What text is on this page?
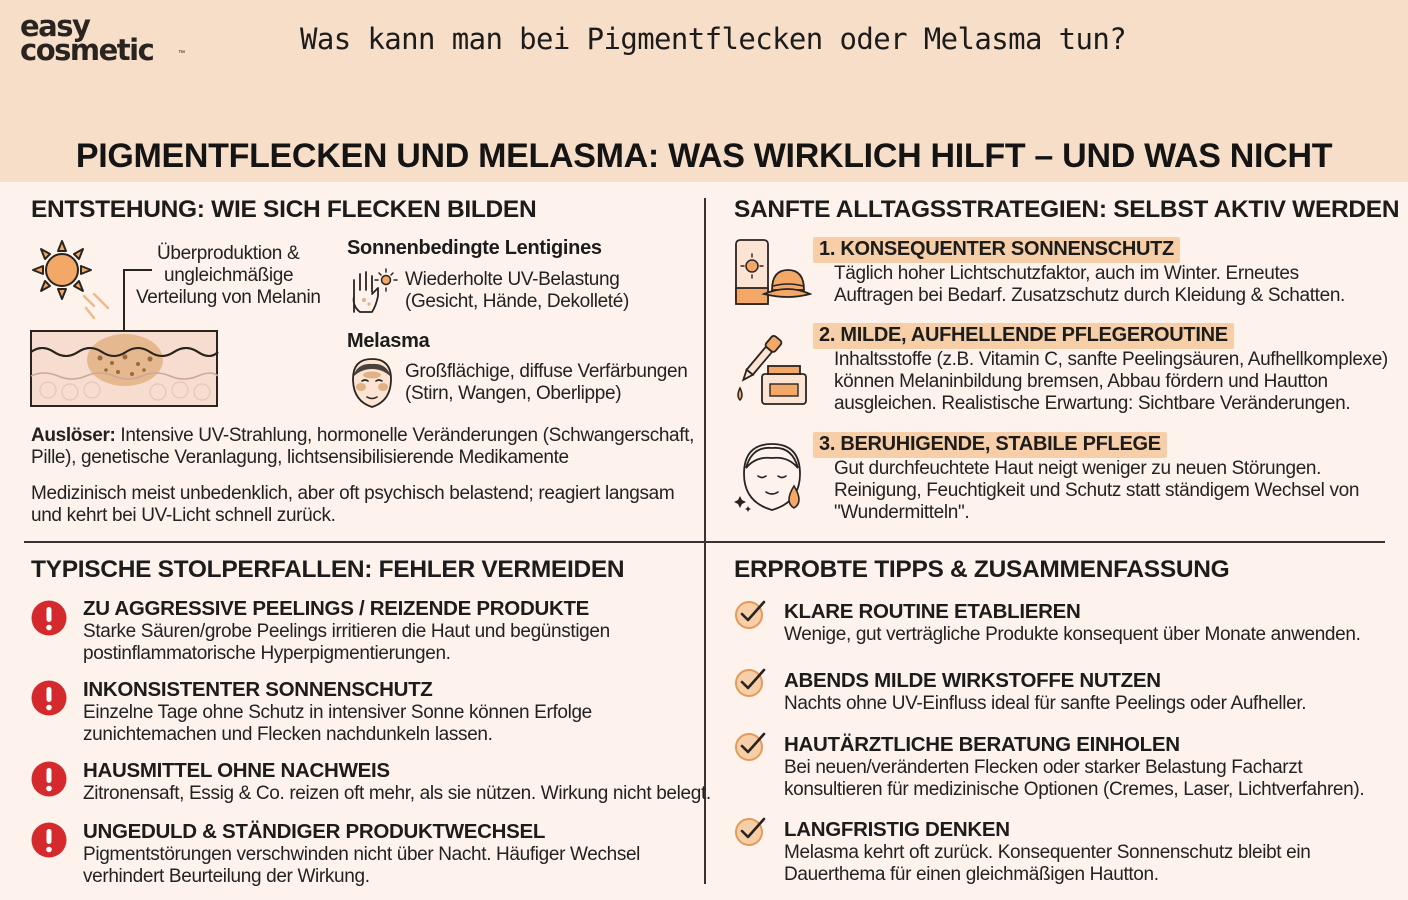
easy
cosmetic	™	Was kann man bei Pigmentflecken oder Melasma tun?
PIGMENTFLECKEN UND MELASMA: WAS WIRKLICH HILFT – UND WAS NICHT
ENTSTEHUNG: WIE SICH FLECKEN BILDEN
Überproduktion &
ungleichmäßige
Verteilung von Melanin
Sonnenbedingte Lentigines
Wiederholte UV-Belastung
(Gesicht, Hände, Dekolleté)
Melasma
Großflächige, diffuse Verfärbungen
(Stirn, Wangen, Oberlippe)
Auslöser: Intensive UV-Strahlung, hormonelle Veränderungen (Schwangerschaft,
Pille), genetische Veranlagung, lichtsensibilisierende Medikamente
Medizinisch meist unbedenklich, aber oft psychisch belastend; reagiert langsam
und kehrt bei UV-Licht schnell zurück.
SANFTE ALLTAGSSTRATEGIEN: SELBST AKTIV WERDEN
1. KONSEQUENTER SONNENSCHUTZ
Täglich hoher Lichtschutzfaktor, auch im Winter. Erneutes
Auftragen bei Bedarf. Zusatzschutz durch Kleidung & Schatten.
2. MILDE, AUFHELLENDE PFLEGEROUTINE
Inhaltsstoffe (z.B. Vitamin C, sanfte Peelingsäuren, Aufhellkomplexe)
können Melaninbildung bremsen, Abbau fördern und Hautton
ausgleichen. Realistische Erwartung: Sichtbare Veränderungen.
3. BERUHIGENDE, STABILE PFLEGE
Gut durchfeuchtete Haut neigt weniger zu neuen Störungen.
Reinigung, Feuchtigkeit und Schutz statt ständigem Wechsel von
"Wundermitteln".
TYPISCHE STOLPERFALLEN: FEHLER VERMEIDEN
ZU AGGRESSIVE PEELINGS / REIZENDE PRODUKTE
Starke Säuren/grobe Peelings irritieren die Haut und begünstigen
postinflammatorische Hyperpigmentierungen.
INKONSISTENTER SONNENSCHUTZ
Einzelne Tage ohne Schutz in intensiver Sonne können Erfolge
zunichtemachen und Flecken nachdunkeln lassen.
HAUSMITTEL OHNE NACHWEIS
Zitronensaft, Essig & Co. reizen oft mehr, als sie nützen. Wirkung nicht belegt.
UNGEDULD & STÄNDIGER PRODUKTWECHSEL
Pigmentstörungen verschwinden nicht über Nacht. Häufiger Wechsel
verhindert Beurteilung der Wirkung.
ERPROBTE TIPPS & ZUSAMMENFASSUNG
KLARE ROUTINE ETABLIEREN
Wenige, gut verträgliche Produkte konsequent über Monate anwenden.
ABENDS MILDE WIRKSTOFFE NUTZEN
Nachts ohne UV-Einfluss ideal für sanfte Peelings oder Aufheller.
HAUTÄRZTLICHE BERATUNG EINHOLEN
Bei neuen/veränderten Flecken oder starker Belastung Facharzt
konsultieren für medizinische Optionen (Cremes, Laser, Lichtverfahren).
LANGFRISTIG DENKEN
Melasma kehrt oft zurück. Konsequenter Sonnenschutz bleibt ein
Dauerthema für einen gleichmäßigen Hautton.
